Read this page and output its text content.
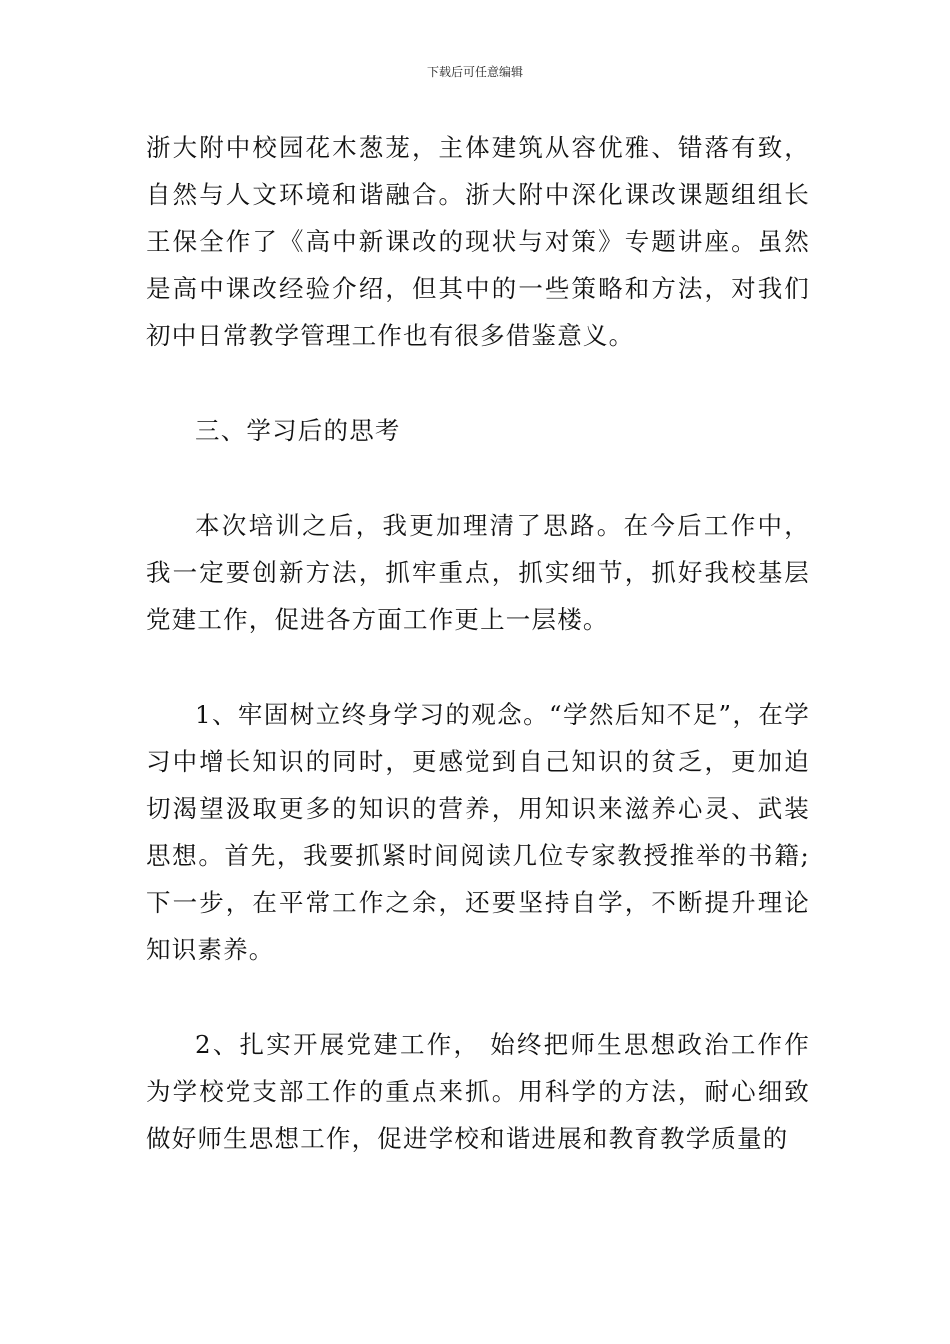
下载后可任意编辑

浙大附中校园花木葱茏，主体建筑从容优雅、错落有致，自然与人文环境和谐融合。浙大附中深化课改课题组组长王保全作了《高中新课改的现状与对策》专题讲座。虽然是高中课改经验介绍，但其中的一些策略和方法，对我们初中日常教学管理工作也有很多借鉴意义。

三、学习后的思考

本次培训之后，我更加理清了思路。在今后工作中，我一定要创新方法，抓牢重点，抓实细节，抓好我校基层党建工作，促进各方面工作更上一层楼。

1、牢固树立终身学习的观念。“学然后知不足”，在学习中增长知识的同时，更感觉到自己知识的贫乏，更加迫切渴望汲取更多的知识的营养，用知识来滋养心灵、武装思想。首先，我要抓紧时间阅读几位专家教授推举的书籍;下一步，在平常工作之余，还要坚持自学，不断提升理论知识素养。

2、扎实开展党建工作， 始终把师生思想政治工作作为学校党支部工作的重点来抓。用科学的方法，耐心细致做好师生思想工作，促进学校和谐进展和教育教学质量的
